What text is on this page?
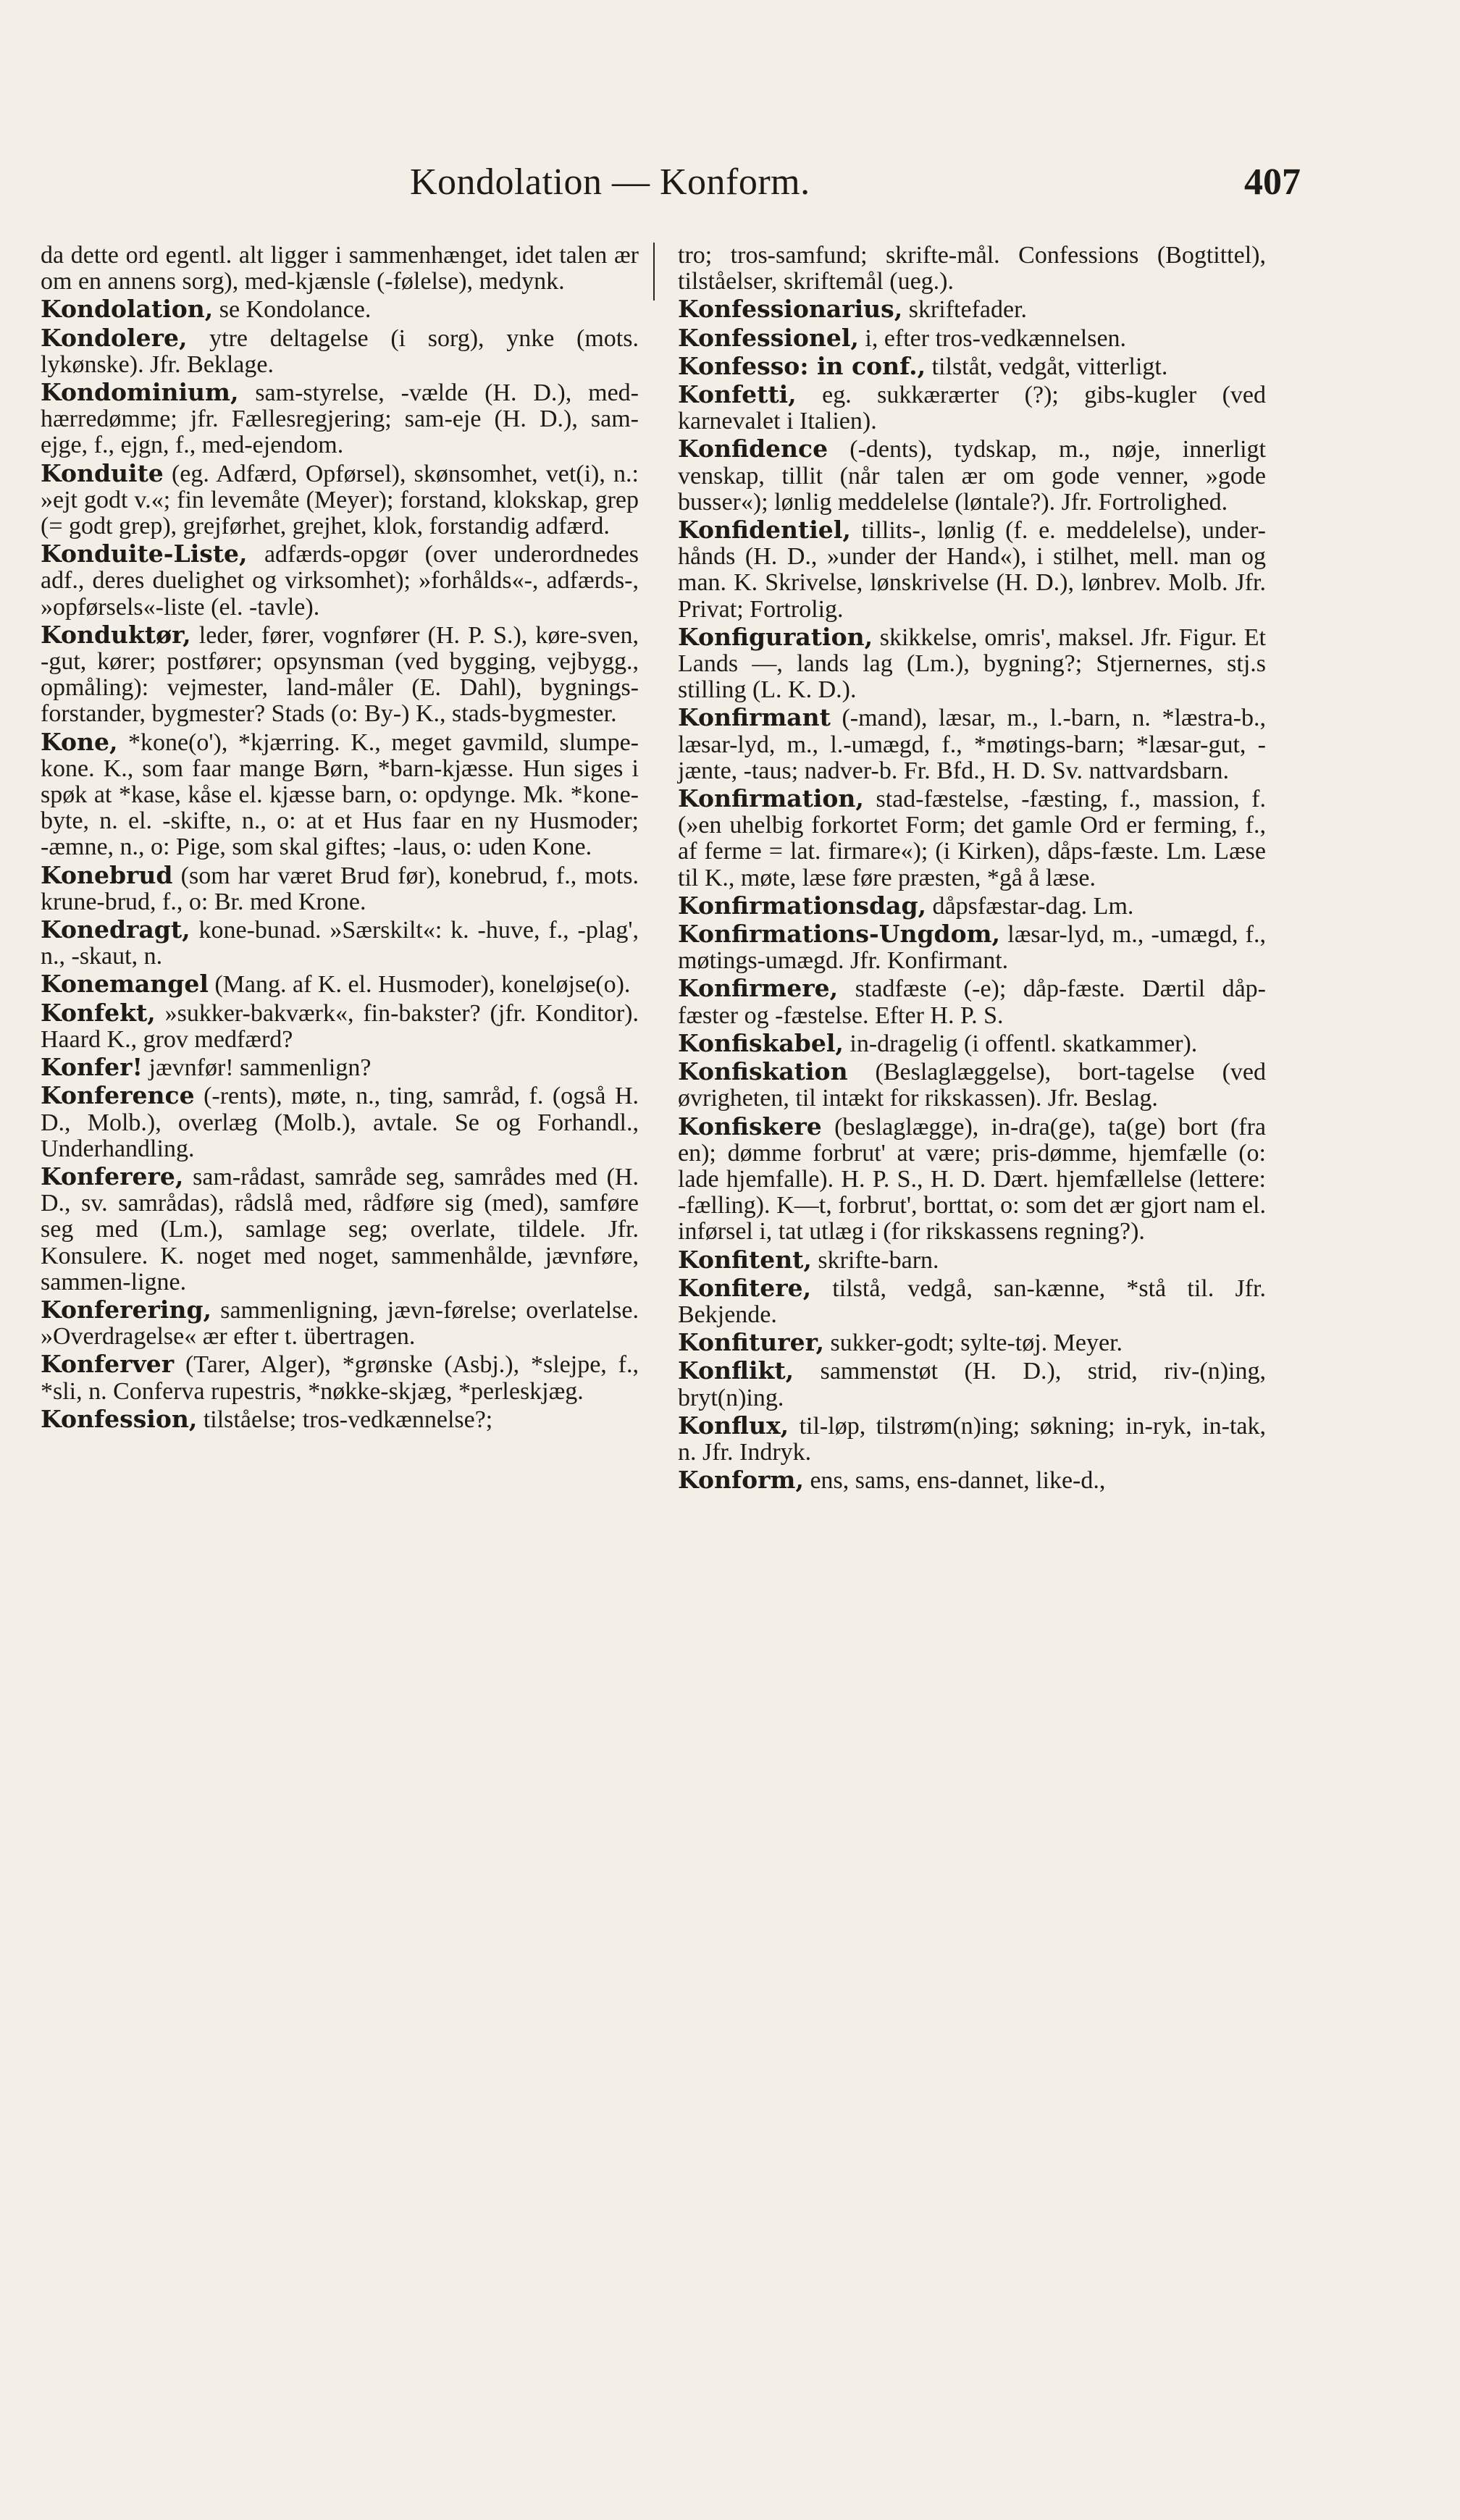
Kondolation — Konform.	407

da dette ord egentl. alt ligger i sammenhænget, idet talen ær om en annens sorg), med-kjænsle (-følelse), medynk.

Kondolation, se Kondolance.

Kondolere, ytre deltagelse (i sorg), ynke (mots. lykønske). Jfr. Beklage.

Kondominium, sam-styrelse, -vælde (H. D.), med-hærredømme; jfr. Fællesregjering; sam-eje (H. D.), sam-ejge, f., ejgn, f., med-ejendom.

Konduite (eg. Adfærd, Opførsel), skønsomhet, vet(i), n.: »ejt godt v.«; fin levemåte (Meyer); forstand, klokskap, grep (= godt grep), grejførhet, grejhet, klok, forstandig adfærd.

Konduite-Liste, adfærds-opgør (over underordnedes adf., deres duelighet og virksomhet); »forhålds«-, adfærds-, »opførsels«-liste (el. -tavle).

Konduktør, leder, fører, vognfører (H. P. S.), køre-sven, -gut, kører; postfører; opsynsman (ved bygging, vejbygg., opmåling): vejmester, land-måler (E. Dahl), bygnings-forstander, bygmester? Stads (o: By-) K., stads-bygmester.

Kone, *kone(o'), *kjærring. K., meget gavmild, slumpe-kone. K., som faar mange Børn, *barn-kjæsse. Hun siges i spøk at *kase, kåse el. kjæsse barn, o: opdynge. Mk. *kone-byte, n. el. -skifte, n., o: at et Hus faar en ny Husmoder; -æmne, n., o: Pige, som skal giftes; -laus, o: uden Kone.

Konebrud (som har været Brud før), konebrud, f., mots. krune-brud, f., o: Br. med Krone.

Konedragt, kone-bunad. »Særskilt«: k. -huve, f., -plag', n., -skaut, n.

Konemangel (Mang. af K. el. Husmoder), koneløjse(o).

Konfekt, »sukker-bakværk«, fin-bakster? (jfr. Konditor). Haard K., grov medfærd?

Konfer! jævnfør! sammenlign?

Konference (-rents), møte, n., ting, samråd, f. (også H. D., Molb.), overlæg (Molb.), avtale. Se og Forhandl., Underhandling.

Konferere, sam-rådast, samråde seg, samrådes med (H. D., sv. samrådas), rådslå med, rådføre sig (med), samføre seg med (Lm.), samlage seg; overlate, tildele. Jfr. Konsulere. K. noget med noget, sammenhålde, jævnføre, sammen-ligne.

Konferering, sammenligning, jævn-førelse; overlatelse. »Overdragelse« ær efter t. übertragen.

Konferver (Tarer, Alger), *grønske (Asbj.), *slejpe, f., *sli, n. Conferva rupestris, *nøkke-skjæg, *perleskjæg.

Konfession, tilståelse; tros-vedkænnelse?;

tro; tros-samfund; skrifte-mål. Confessions (Bogtittel), tilståelser, skriftemål (ueg.).

Konfessionarius, skriftefader.

Konfessionel, i, efter tros-vedkænnelsen.

Konfesso: in conf., tilståt, vedgåt, vitterligt.

Konfetti, eg. sukkærærter (?); gibs-kugler (ved karnevalet i Italien).

Konfidence (-dents), tydskap, m., nøje, innerligt venskap, tillit (når talen ær om gode venner, »gode busser«); lønlig meddelelse (løntale?). Jfr. Fortrolighed.

Konfidentiel, tillits-, lønlig (f. e. meddelelse), under-hånds (H. D., »under der Hand«), i stilhet, mell. man og man. K. Skrivelse, lønskrivelse (H. D.), lønbrev. Molb. Jfr. Privat; Fortrolig.

Konfiguration, skikkelse, omris', maksel. Jfr. Figur. Et Lands —, lands lag (Lm.), bygning?; Stjernernes, stj.s stilling (L. K. D.).

Konfirmant (-mand), læsar, m., l.-barn, n. *læstra-b., læsar-lyd, m., l.-umægd, f., *møtings-barn; *læsar-gut, -jænte, -taus; nadver-b. Fr. Bfd., H. D. Sv. nattvardsbarn.

Konfirmation, stad-fæstelse, -fæsting, f., massion, f. (»en uhelbig forkortet Form; det gamle Ord er ferming, f., af ferme = lat. firmare«); (i Kirken), dåps-fæste. Lm. Læse til K., møte, læse føre præsten, *gå å læse.

Konfirmationsdag, dåpsfæstar-dag. Lm.

Konfirmations-Ungdom, læsar-lyd, m., -umægd, f., møtings-umægd. Jfr. Konfirmant.

Konfirmere, stadfæste (-e); dåp-fæste. Dærtil dåp-fæster og -fæstelse. Efter H. P. S.

Konfiskabel, in-dragelig (i offentl. skatkammer).

Konfiskation (Beslaglæggelse), bort-tagelse (ved øvrigheten, til intækt for rikskassen). Jfr. Beslag.

Konfiskere (beslaglægge), in-dra(ge), ta(ge) bort (fra en); dømme forbrut' at være; pris-dømme, hjemfælle (o: lade hjemfalle). H. P. S., H. D. Dært. hjemfællelse (lettere: -fælling). K—t, forbrut', borttat, o: som det ær gjort nam el. inførsel i, tat utlæg i (for rikskassens regning?).

Konfitent, skrifte-barn.

Konfitere, tilstå, vedgå, san-kænne, *stå til. Jfr. Bekjende.

Konfiturer, sukker-godt; sylte-tøj. Meyer.

Konflikt, sammenstøt (H. D.), strid, riv-(n)ing, bryt(n)ing.

Konflux, til-løp, tilstrøm(n)ing; søkning; in-ryk, in-tak, n. Jfr. Indryk.

Konform, ens, sams, ens-dannet, like-d.,
